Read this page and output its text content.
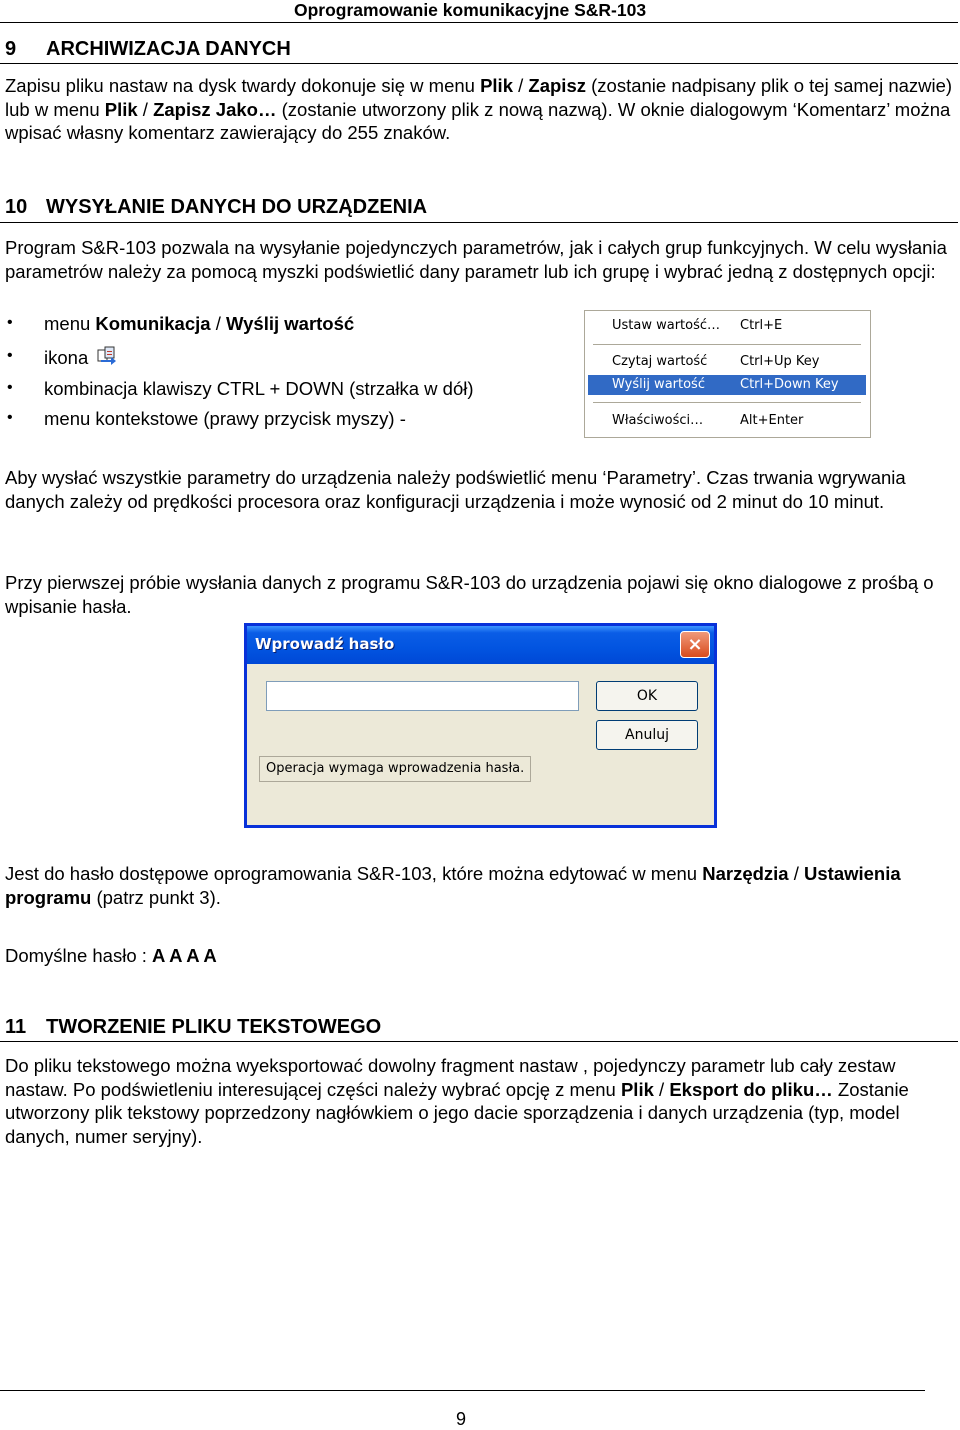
Oprogramowanie komunikacyjne S&R-103
9 ARCHIWIZACJA DANYCH

Zapisu pliku nastaw na dysk twardy dokonuje się w menu Plik / Zapisz (zostanie nadpisany plik o tej samej nazwie) lub w menu Plik / Zapisz Jako… (zostanie utworzony plik z nową nazwą). W oknie dialogowym ‘Komentarz’ można wpisać własny komentarz zawierający do 255 znaków.

10 WYSYŁANIE DANYCH DO URZĄDZENIA

Program S&R-103 pozwala na wysyłanie pojedynczych parametrów, jak i całych grup funkcyjnych. W celu wysłania parametrów należy za pomocą myszki podświetlić dany parametr lub ich grupę i wybrać jedną z dostępnych opcji:

• menu Komunikacja / Wyślij wartość
• ikona
• kombinacja klawiszy CTRL + DOWN (strzałka w dół)
• menu kontekstowe (prawy przycisk myszy) -
Ustaw wartość… Ctrl+E
Czytaj wartość	Ctrl+Up Key
Wyślij wartość	Ctrl+Down Key
Właściwości…	Alt+Enter

Aby wysłać wszystkie parametry do urządzenia należy podświetlić menu ‘Parametry’. Czas trwania wgrywania danych zależy od prędkości procesora oraz konfiguracji urządzenia i może wynosić od 2 minut do 10 minut.

Przy pierwszej próbie wysłania danych z programu S&R-103 do urządzenia pojawi się okno dialogowe z prośbą o wpisanie hasła.

Wprowadź hasło	×
OK
Anuluj
Operacja wymaga wprowadzenia hasła.

Jest do hasło dostępowe oprogramowania S&R-103, które można edytować w menu Narzędzia / Ustawienia programu (patrz punkt 3).

Domyślne hasło : A A A A

11 TWORZENIE PLIKU TEKSTOWEGO

Do pliku tekstowego można wyeksportować dowolny fragment nastaw , pojedynczy parametr lub cały zestaw nastaw. Po podświetleniu interesującej części należy wybrać opcję z menu Plik / Eksport do pliku… Zostanie utworzony plik tekstowy poprzedzony nagłówkiem o jego dacie sporządzenia i danych urządzenia (typ, model danych, numer seryjny).

9
